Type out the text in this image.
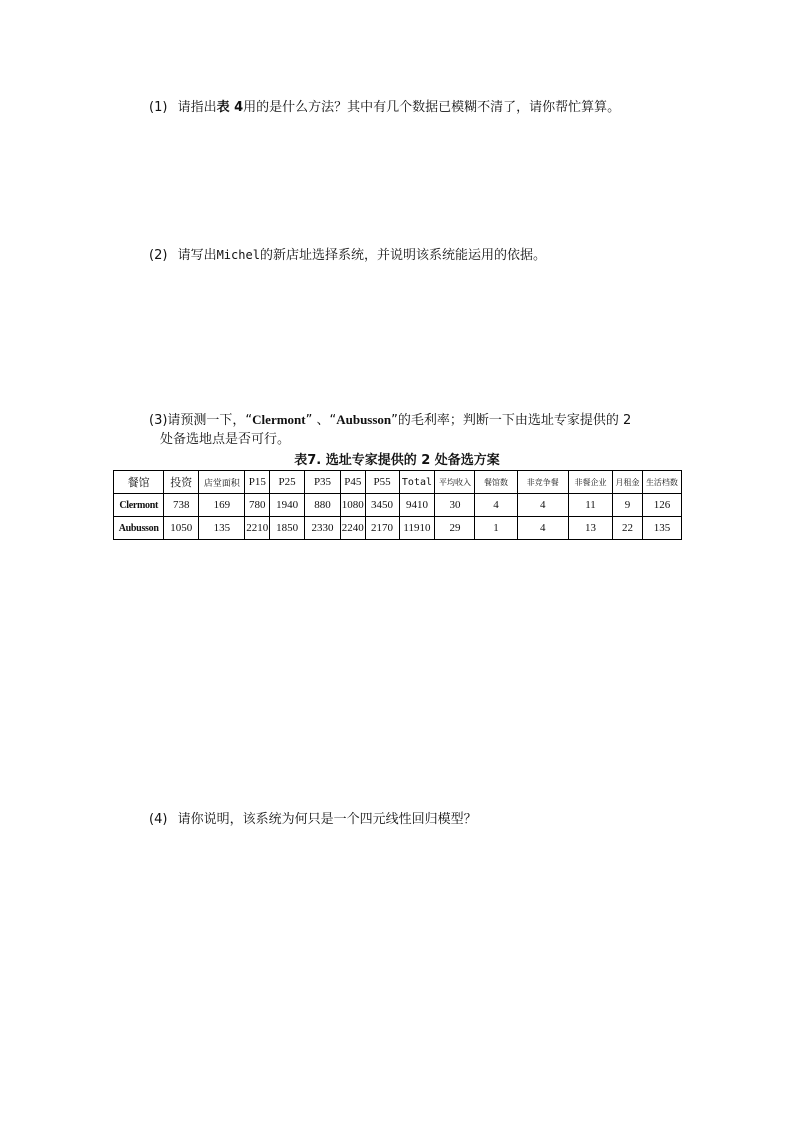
(1) 请指出表 4用的是什么方法？其中有几个数据已模糊不清了，请你帮忙算算。
(2) 请写出Michel的新店址选择系统，并说明该系统能运用的依据。
(3)请预测一下，“Clermont” 、“Aubusson”的毛利率；判断一下由选址专家提供的 2
处备选地点是否可行。
表7. 选址专家提供的 2 处备选方案
餐馆	投资	店堂面积	P15	P25	P35	P45	P55	Total	平均收入	餐馆数	非竞争餐	非餐企业	月租金	生活档数
Clermont	738	169	780	1940	880	1080	3450	9410	30	4	4	11	9	126
Aubusson	1050	135	2210	1850	2330	2240	2170	11910	29	1	4	13	22	135
(4) 请你说明，该系统为何只是一个四元线性回归模型？
